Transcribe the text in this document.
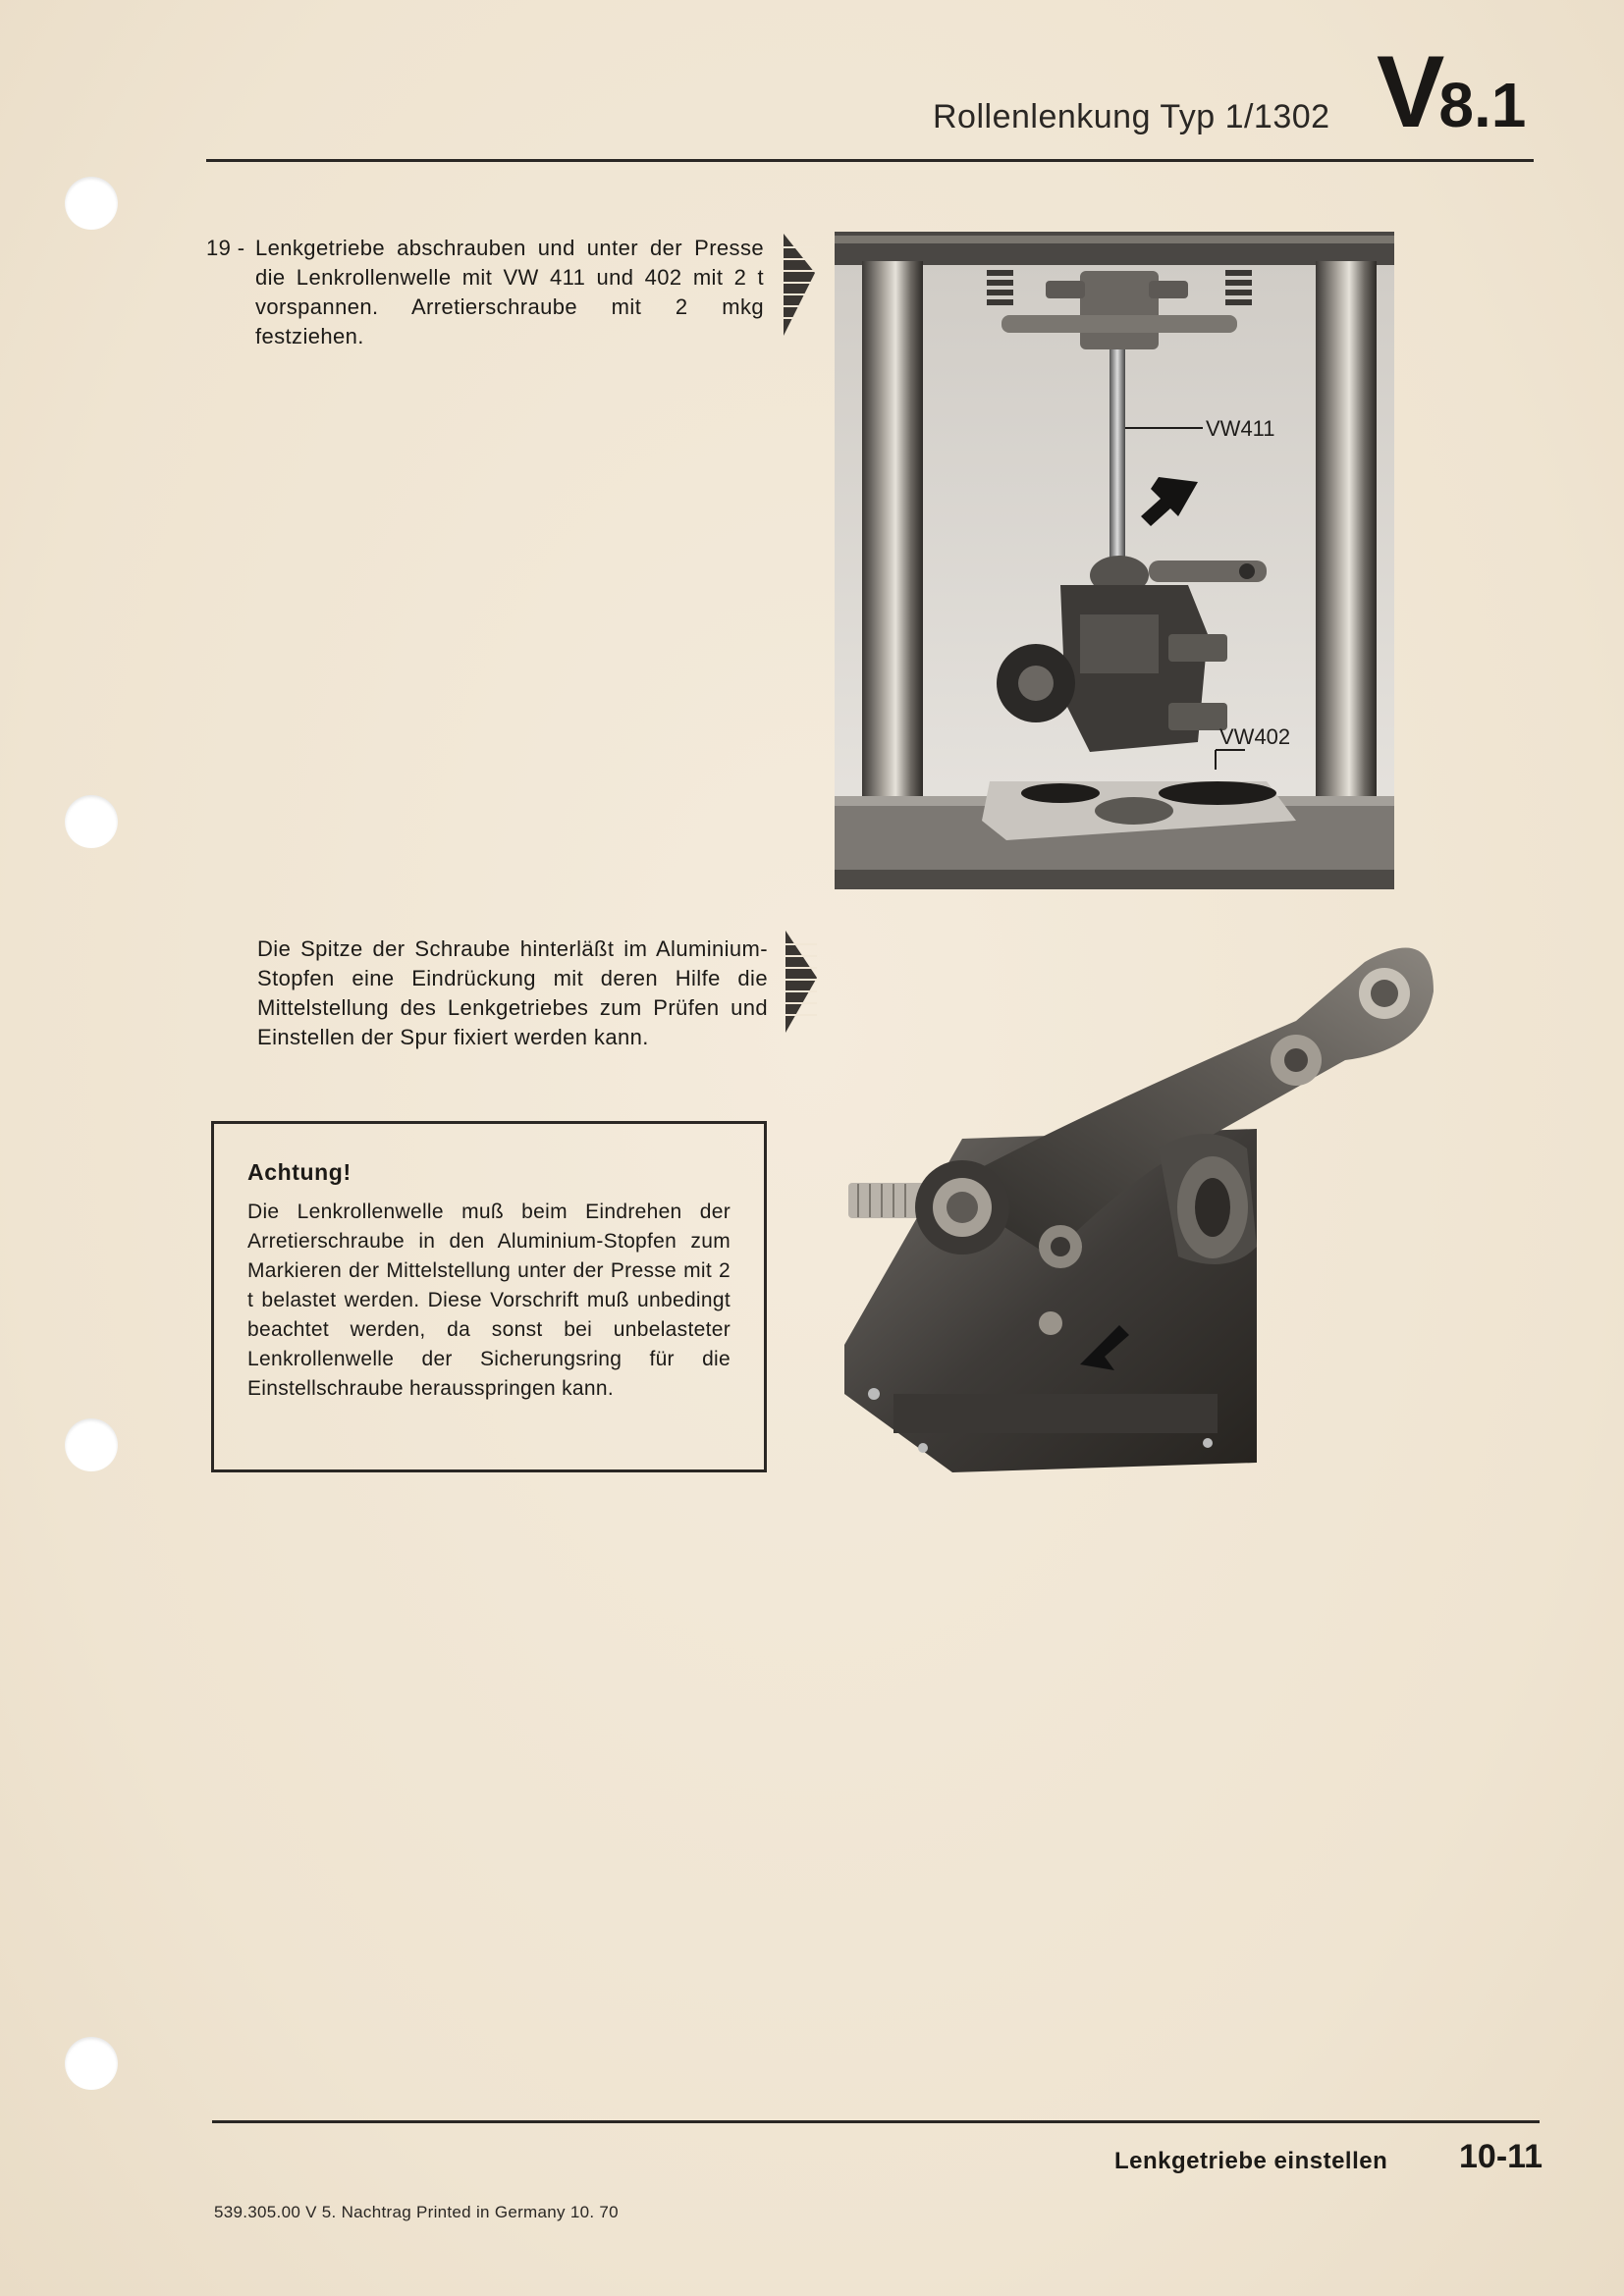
Rollenlenkung Typ 1/1302 V8.1
19 - Lenkgetriebe abschrauben und unter der Presse die Lenkrollenwelle mit VW 411 und 402 mit 2 t vorspannen. Arretierschraube mit 2 mkg festziehen.
VW411
VW402
Die Spitze der Schraube hinterläßt im Aluminium-Stopfen eine Eindrückung mit deren Hilfe die Mittelstellung des Lenkgetriebes zum Prüfen und Einstellen der Spur fixiert werden kann.
Achtung!
Die Lenkrollenwelle muß beim Eindrehen der Arretierschraube in den Aluminium-Stopfen zum Markieren der Mittelstellung unter der Presse mit 2 t belastet werden. Diese Vorschrift muß unbedingt beachtet werden, da sonst bei unbelasteter Lenkrollenwelle der Sicherungsring für die Einstellschraube herausspringen kann.
Lenkgetriebe einstellen 10-11
539.305.00 V 5. Nachtrag Printed in Germany 10. 70
